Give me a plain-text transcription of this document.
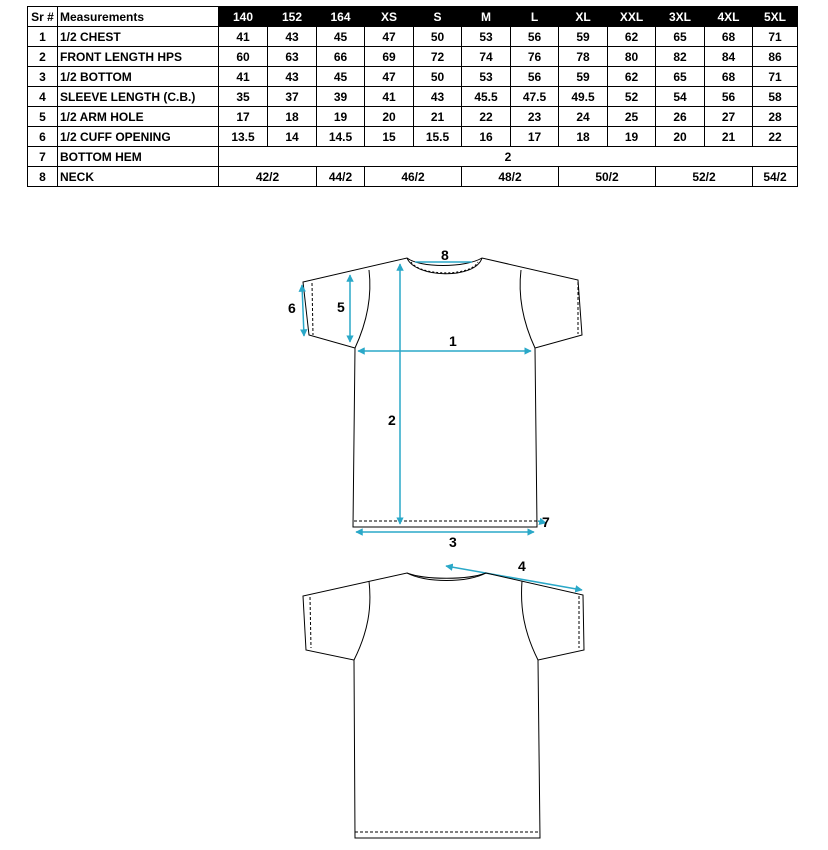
Sr #	Measurements	140	152	164	XS	S	M	L	XL	XXL	3XL	4XL	5XL
1	1/2 CHEST	41	43	45	47	50	53	56	59	62	65	68	71
2	FRONT LENGTH HPS	60	63	66	69	72	74	76	78	80	82	84	86
3	1/2 BOTTOM	41	43	45	47	50	53	56	59	62	65	68	71
4	SLEEVE LENGTH (C.B.)	35	37	39	41	43	45.5	47.5	49.5	52	54	56	58
5	1/2 ARM HOLE	17	18	19	20	21	22	23	24	25	26	27	28
6	1/2 CUFF OPENING	13.5	14	14.5	15	15.5	16	17	18	19	20	21	22
7	BOTTOM HEM	2											
8	NECK	42/2		44/2	46/2		48/2		50/2		52/2		54/2
1
2
3
4
5
6
7
8
